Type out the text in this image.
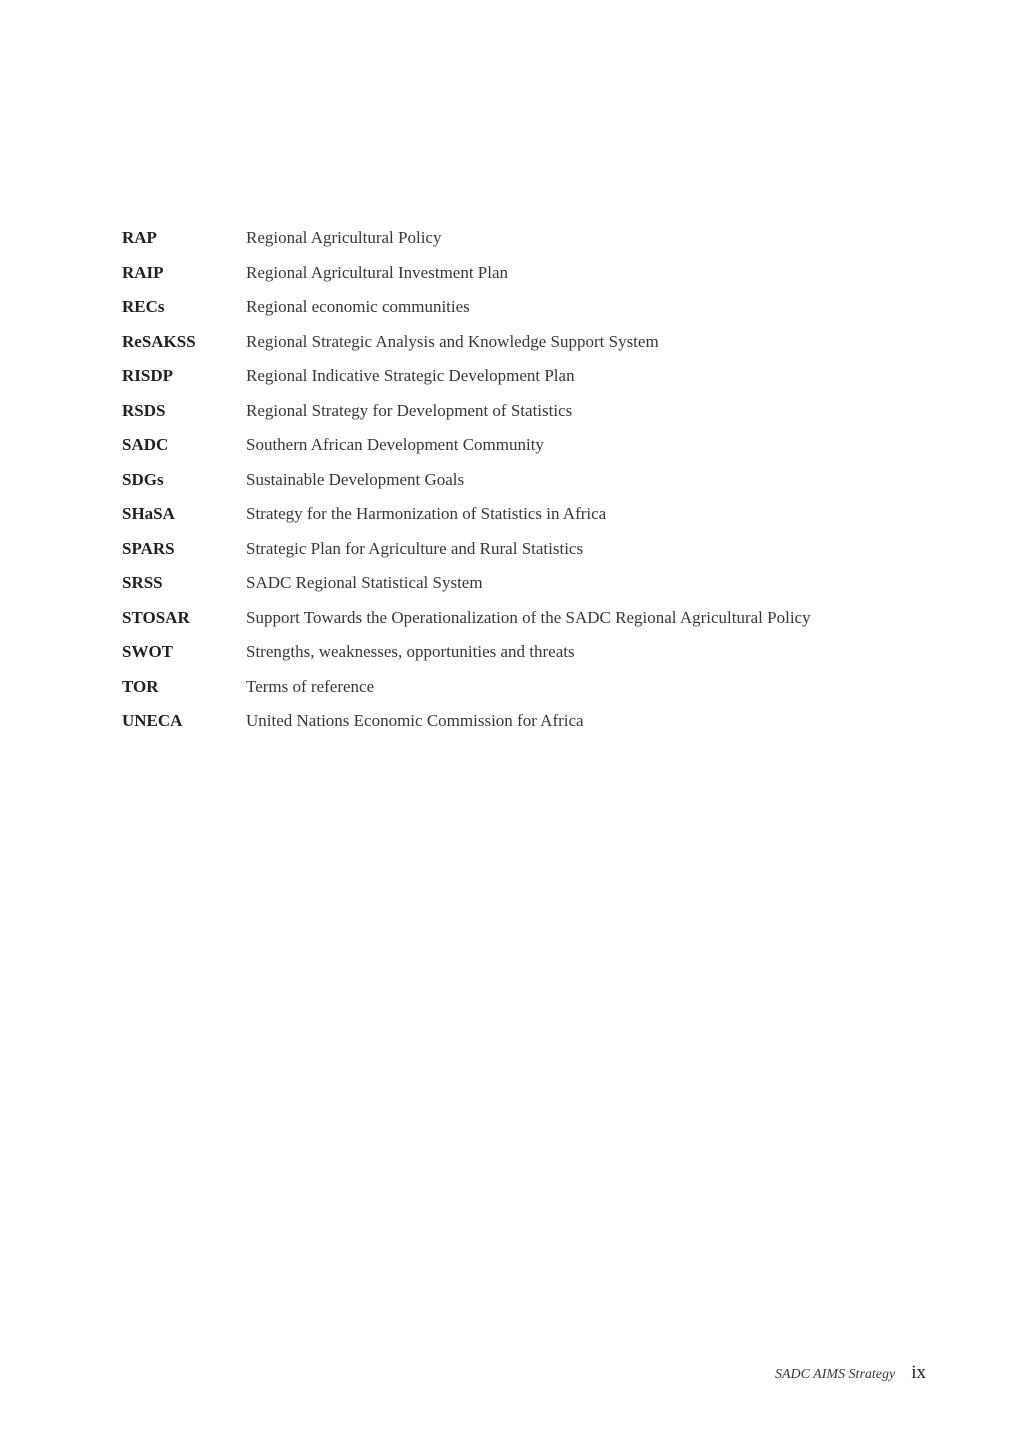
RAP	Regional Agricultural Policy
RAIP	Regional Agricultural Investment Plan
RECs	Regional economic communities
ReSAKSS	Regional Strategic Analysis and Knowledge Support System
RISDP	Regional Indicative Strategic Development Plan
RSDS	Regional Strategy for Development of Statistics
SADC	Southern African Development Community
SDGs	Sustainable Development Goals
SHaSA	Strategy for the Harmonization of Statistics in Africa
SPARS	Strategic Plan for Agriculture and Rural Statistics
SRSS	SADC Regional Statistical System
STOSAR	Support Towards the Operationalization of the SADC Regional Agricultural Policy
SWOT	Strengths, weaknesses, opportunities and threats
TOR	Terms of reference
UNECA	United Nations Economic Commission for Africa
SADC AIMS Strategy ix
